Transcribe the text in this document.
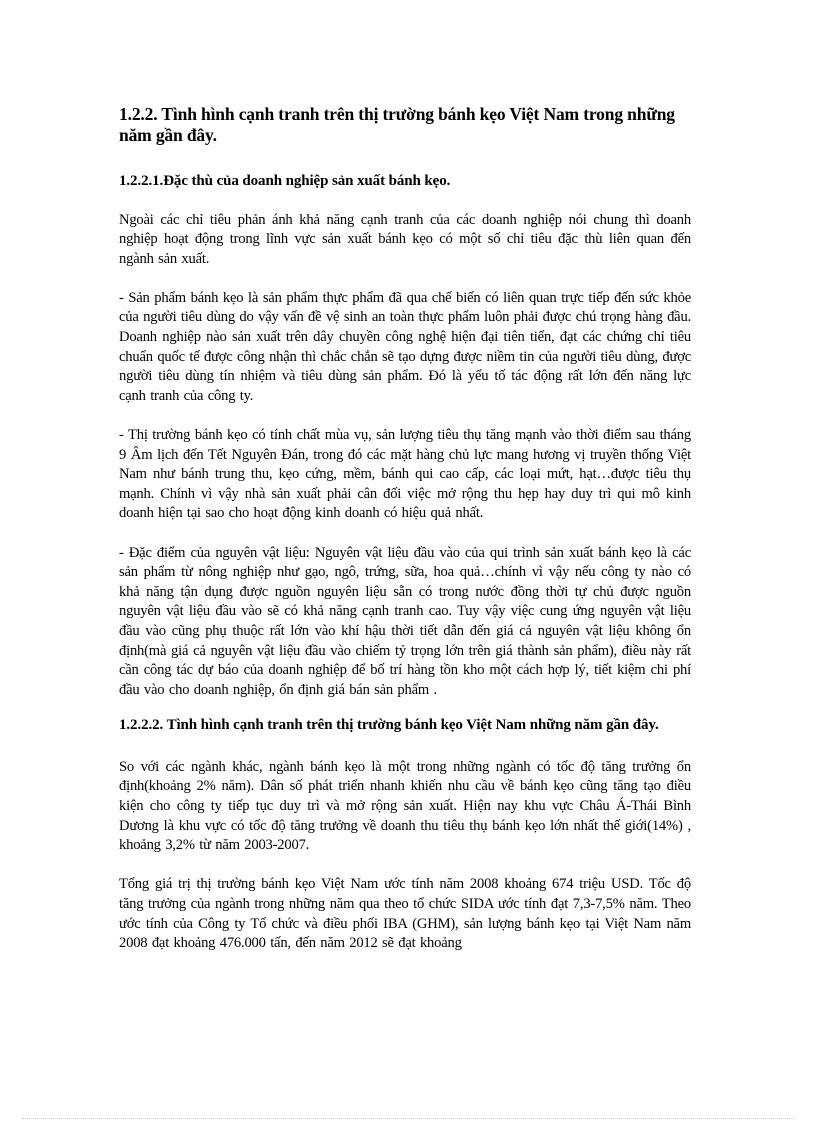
1.2.2. Tình hình cạnh tranh trên thị trường bánh kẹo Việt Nam trong những năm gần đây.
1.2.2.1.Đặc thù của doanh nghiệp sản xuất bánh kẹo.
Ngoài các chỉ tiêu phản ánh khả năng cạnh tranh của các doanh nghiệp nói chung thì doanh nghiệp hoạt động trong lĩnh vực sản xuất bánh kẹo có một số chỉ tiêu đặc thù liên quan đến ngành sản xuất.
- Sản phẩm bánh kẹo là sản phẩm thực phẩm đã qua chế biến có liên quan trực tiếp đến sức khỏe của người tiêu dùng do vậy vấn đề vệ sinh an toàn thực phẩm luôn phải được chú trọng hàng đầu. Doanh nghiệp nào sản xuất trên dây chuyền công nghệ hiện đại tiên tiến, đạt các chứng chỉ tiêu chuẩn quốc tế được công nhận thì chắc chắn sẽ tạo dựng được niềm tin của người tiêu dùng, được người tiêu dùng tín nhiệm và tiêu dùng sản phẩm. Đó là yếu tố tác động rất lớn đến năng lực cạnh tranh của công ty.
- Thị trường bánh kẹo có tính chất mùa vụ, sản lượng tiêu thụ tăng mạnh vào thời điểm sau tháng 9 Âm lịch đến Tết Nguyên Đán, trong đó các mặt hàng chủ lực mang hương vị truyền thống Việt Nam như bánh trung thu, kẹo cứng, mềm, bánh qui cao cấp, các loại mứt, hạt…được tiêu thụ mạnh. Chính vì vậy nhà sản xuất phải cân đối việc mở rộng thu hẹp hay duy trì qui mô kinh doanh hiện tại sao cho hoạt động kinh doanh có hiệu quả nhất.
- Đặc điểm của nguyên vật liệu: Nguyên vật liệu đầu vào của qui trình sản xuất bánh kẹo là các sản phẩm từ nông nghiệp như gạo, ngô, trứng, sữa, hoa quả…chính vì vậy nếu công ty nào có khả năng tận dụng được nguồn nguyên liệu sẵn có trong nước đồng thời tự chủ được nguồn nguyên vật liệu đầu vào sẽ có khả năng cạnh tranh cao. Tuy vậy việc cung ứng nguyên vật liệu đầu vào cũng phụ thuộc rất lớn vào khí hậu thời tiết dẫn đến giá cả nguyên vật liệu không ổn định(mà giá cả nguyên vật liệu đầu vào chiếm tỷ trọng lớn trên giá thành sản phẩm), điều này rất cần công tác dự báo của doanh nghiệp để bố trí hàng tồn kho một cách hợp lý, tiết kiệm chi phí đầu vào cho doanh nghiệp, ổn định giá bán sản phẩm .
1.2.2.2. Tình hình cạnh tranh trên thị trường bánh kẹo Việt Nam những năm gần đây.
So với các ngành khác, ngành bánh kẹo là một trong những ngành có tốc độ tăng trưởng ổn định(khoảng 2% năm). Dân số phát triển nhanh khiến nhu cầu về bánh kẹo cũng tăng tạo điều kiện cho công ty tiếp tục duy trì và mở rộng sản xuất. Hiện nay khu vực Châu Á-Thái Bình Dương là khu vực có tốc độ tăng trưởng về doanh thu tiêu thụ bánh kẹo lớn nhất thế giới(14%) , khoảng 3,2% từ năm 2003-2007.
Tổng giá trị thị trường bánh kẹo Việt Nam ước tính năm 2008 khoảng 674 triệu USD. Tốc độ tăng trưởng của ngành trong những năm qua theo tổ chức SIDA ước tính đạt 7,3-7,5% năm. Theo ước tính của Công ty Tổ chức và điều phối IBA (GHM), sản lượng bánh kẹo tại Việt Nam năm 2008 đạt khoảng 476.000 tấn, đến năm 2012 sẽ đạt khoảng
